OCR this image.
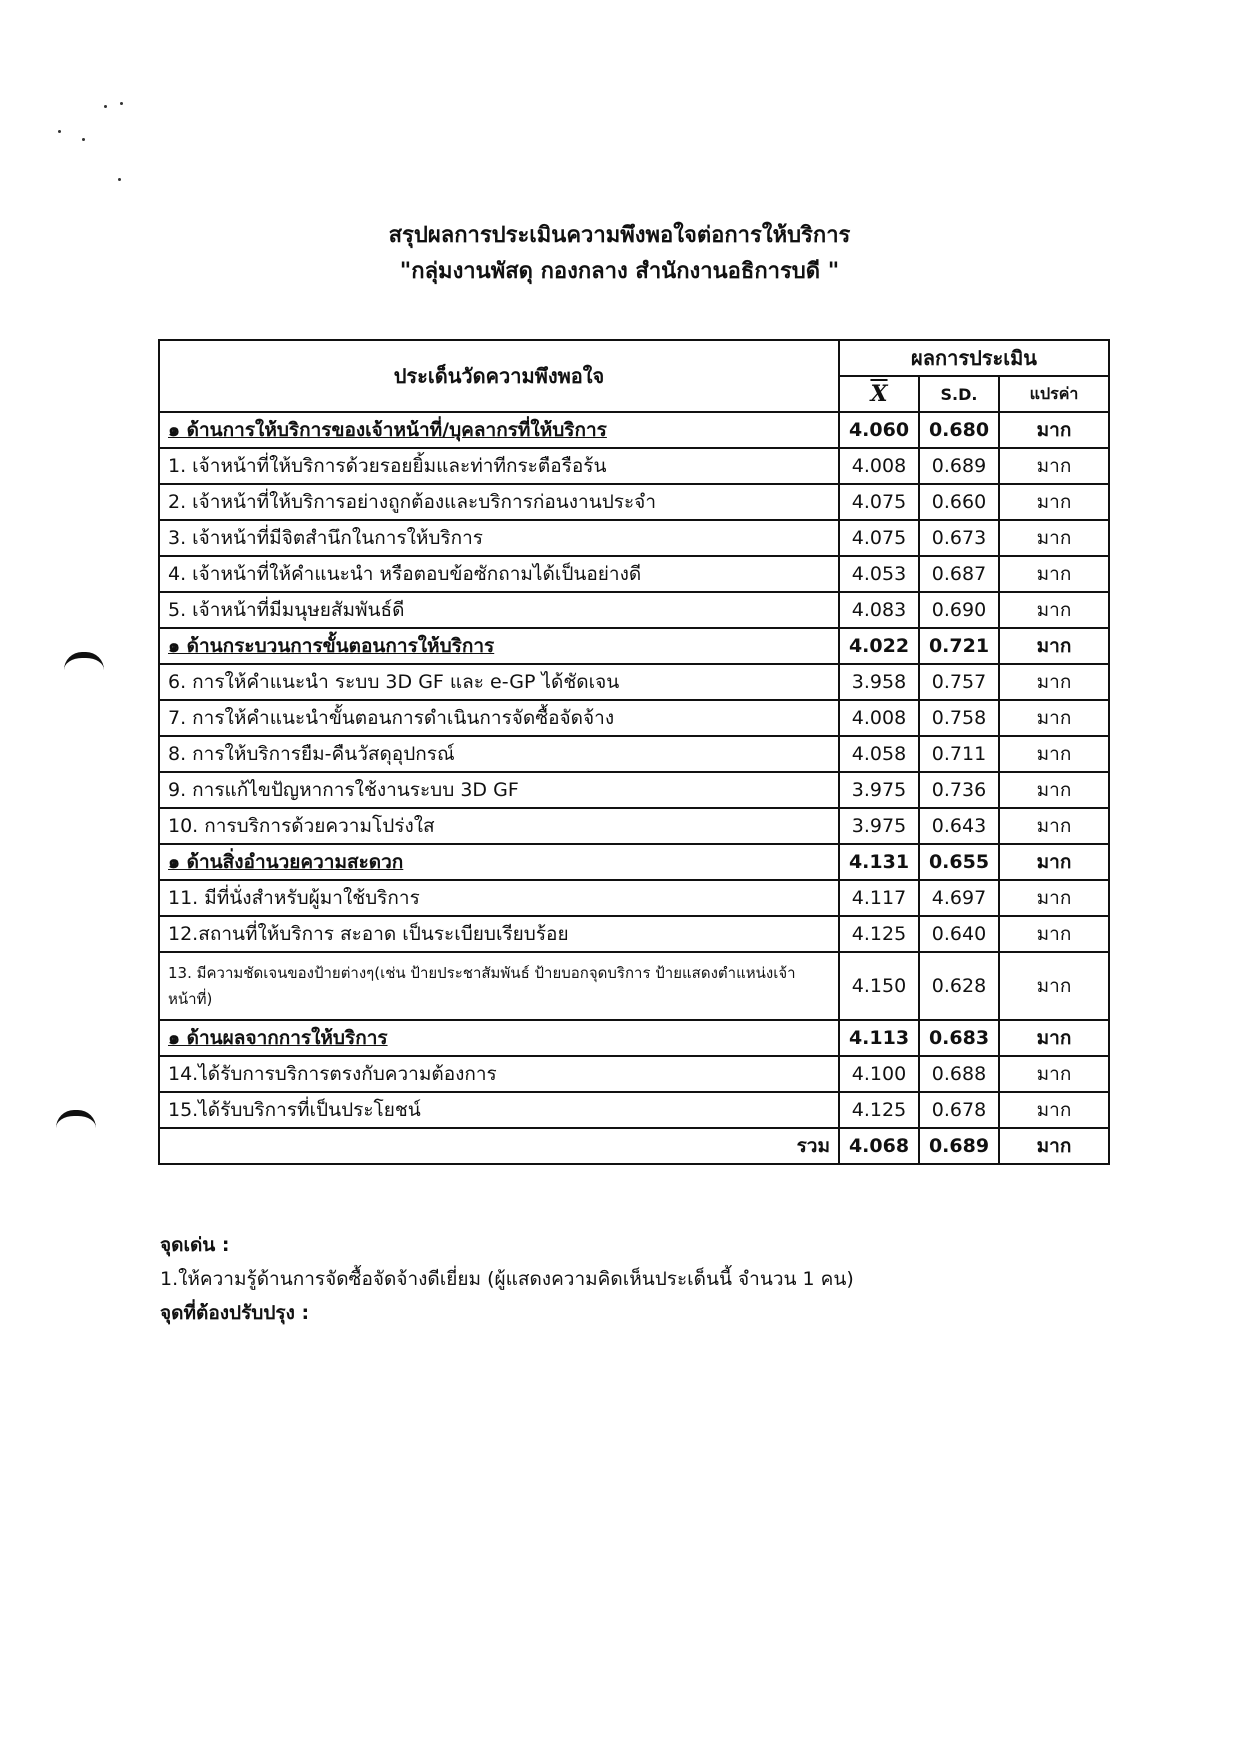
สรุปผลการประเมินความพึงพอใจต่อการให้บริการ
"กลุ่มงานพัสดุ กองกลาง สำนักงานอธิการบดี "
ประเด็นวัดความพึงพอใจ	ผลการประเมิน		
	$\overline{X}$	S.D.	แปรค่า
๑ ด้านการให้บริการของเจ้าหน้าที่/บุคลากรที่ให้บริการ	4.060	0.680	มาก
1. เจ้าหน้าที่ให้บริการด้วยรอยยิ้มและท่าทีกระตือรือร้น	4.008	0.689	มาก
2. เจ้าหน้าที่ให้บริการอย่างถูกต้องและบริการก่อนงานประจำ	4.075	0.660	มาก
3. เจ้าหน้าที่มีจิตสำนึกในการให้บริการ	4.075	0.673	มาก
4. เจ้าหน้าที่ให้คำแนะนำ หรือตอบข้อซักถามได้เป็นอย่างดี	4.053	0.687	มาก
5. เจ้าหน้าที่มีมนุษยสัมพันธ์ดี	4.083	0.690	มาก
๑ ด้านกระบวนการขั้นตอนการให้บริการ	4.022	0.721	มาก
6. การให้คำแนะนำ ระบบ 3D GF และ e-GP ได้ชัดเจน	3.958	0.757	มาก
7. การให้คำแนะนำขั้นตอนการดำเนินการจัดซื้อจัดจ้าง	4.008	0.758	มาก
8. การให้บริการยืม-คืนวัสดุอุปกรณ์	4.058	0.711	มาก
9. การแก้ไขปัญหาการใช้งานระบบ 3D GF	3.975	0.736	มาก
10. การบริการด้วยความโปร่งใส	3.975	0.643	มาก
๑ ด้านสิ่งอำนวยความสะดวก	4.131	0.655	มาก
11. มีที่นั่งสำหรับผู้มาใช้บริการ	4.117	4.697	มาก
12.สถานที่ให้บริการ สะอาด เป็นระเบียบเรียบร้อย	4.125	0.640	มาก
13. มีความชัดเจนของป้ายต่างๆ(เช่น ป้ายประชาสัมพันธ์ ป้ายบอกจุดบริการ ป้ายแสดงตำแหน่งเจ้าหน้าที่)	4.150	0.628	มาก
๑ ด้านผลจากการให้บริการ	4.113	0.683	มาก
14.ได้รับการบริการตรงกับความต้องการ	4.100	0.688	มาก
15.ได้รับบริการที่เป็นประโยชน์	4.125	0.678	มาก
รวม	4.068	0.689	มาก
จุดเด่น :
1.ให้ความรู้ด้านการจัดซื้อจัดจ้างดีเยี่ยม (ผู้แสดงความคิดเห็นประเด็นนี้ จำนวน 1 คน)
จุดที่ต้องปรับปรุง :
